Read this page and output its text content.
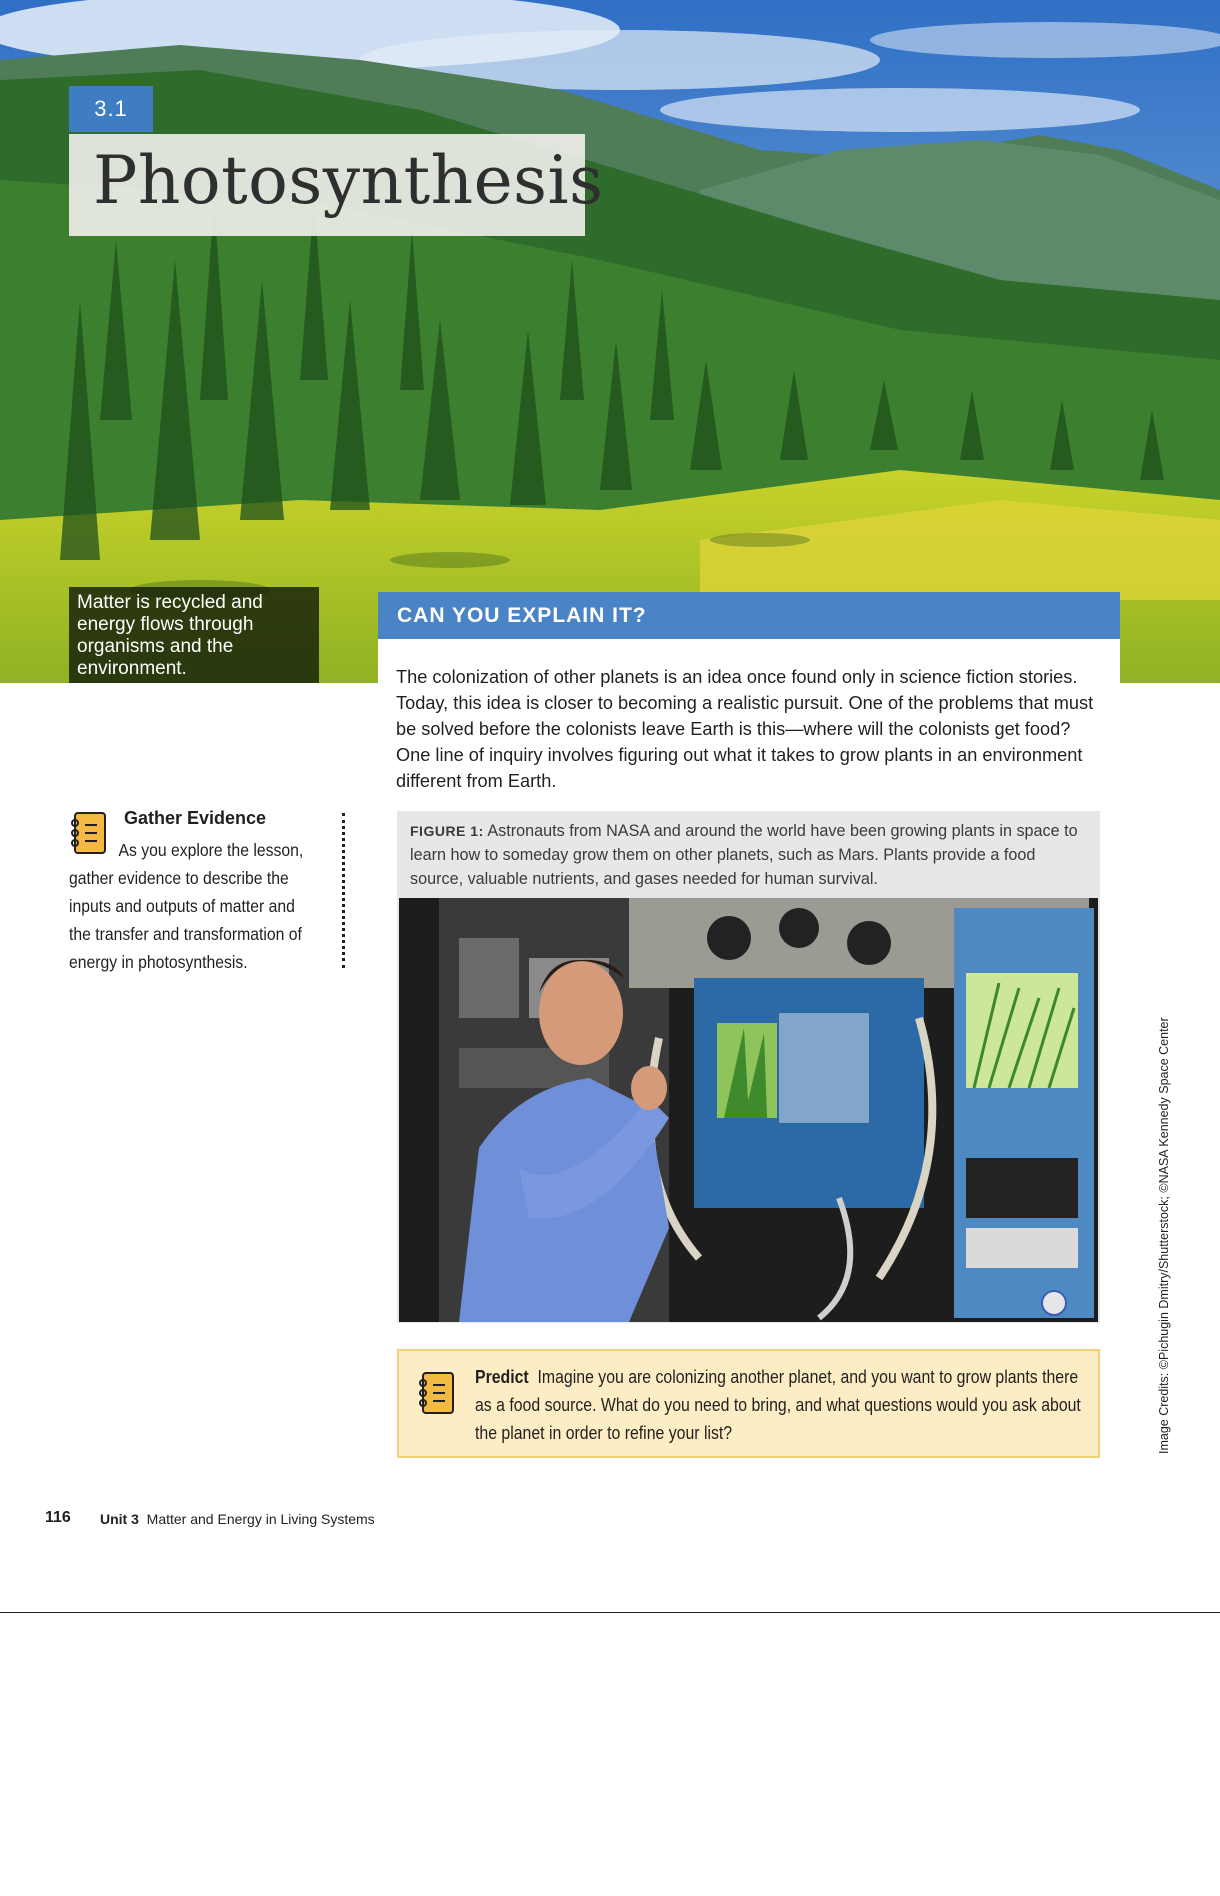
3.1
Photosynthesis
Matter is recycled and energy flows through organisms and the environment.
CAN YOU EXPLAIN IT?
The colonization of other planets is an idea once found only in science fiction stories. Today, this idea is closer to becoming a realistic pursuit. One of the problems that must be solved before the colonists leave Earth is this—where will the colonists get food? One line of inquiry involves figuring out what it takes to grow plants in an environment different from Earth.
Gather Evidence
As you explore the lesson, gather evidence to describe the inputs and outputs of matter and the transfer and transformation of energy in photosynthesis.
FIGURE 1: Astronauts from NASA and around the world have been growing plants in space to learn how to someday grow them on other planets, such as Mars. Plants provide a food source, valuable nutrients, and gases needed for human survival.
Predict Imagine you are colonizing another planet, and you want to grow plants there as a food source. What do you need to bring, and what questions would you ask about the planet in order to refine your list?	Image Credits: ©Pichugin Dmitry/Shutterstock; ©NASA Kennedy Space Center
116 Unit 3 Matter and Energy in Living Systems
